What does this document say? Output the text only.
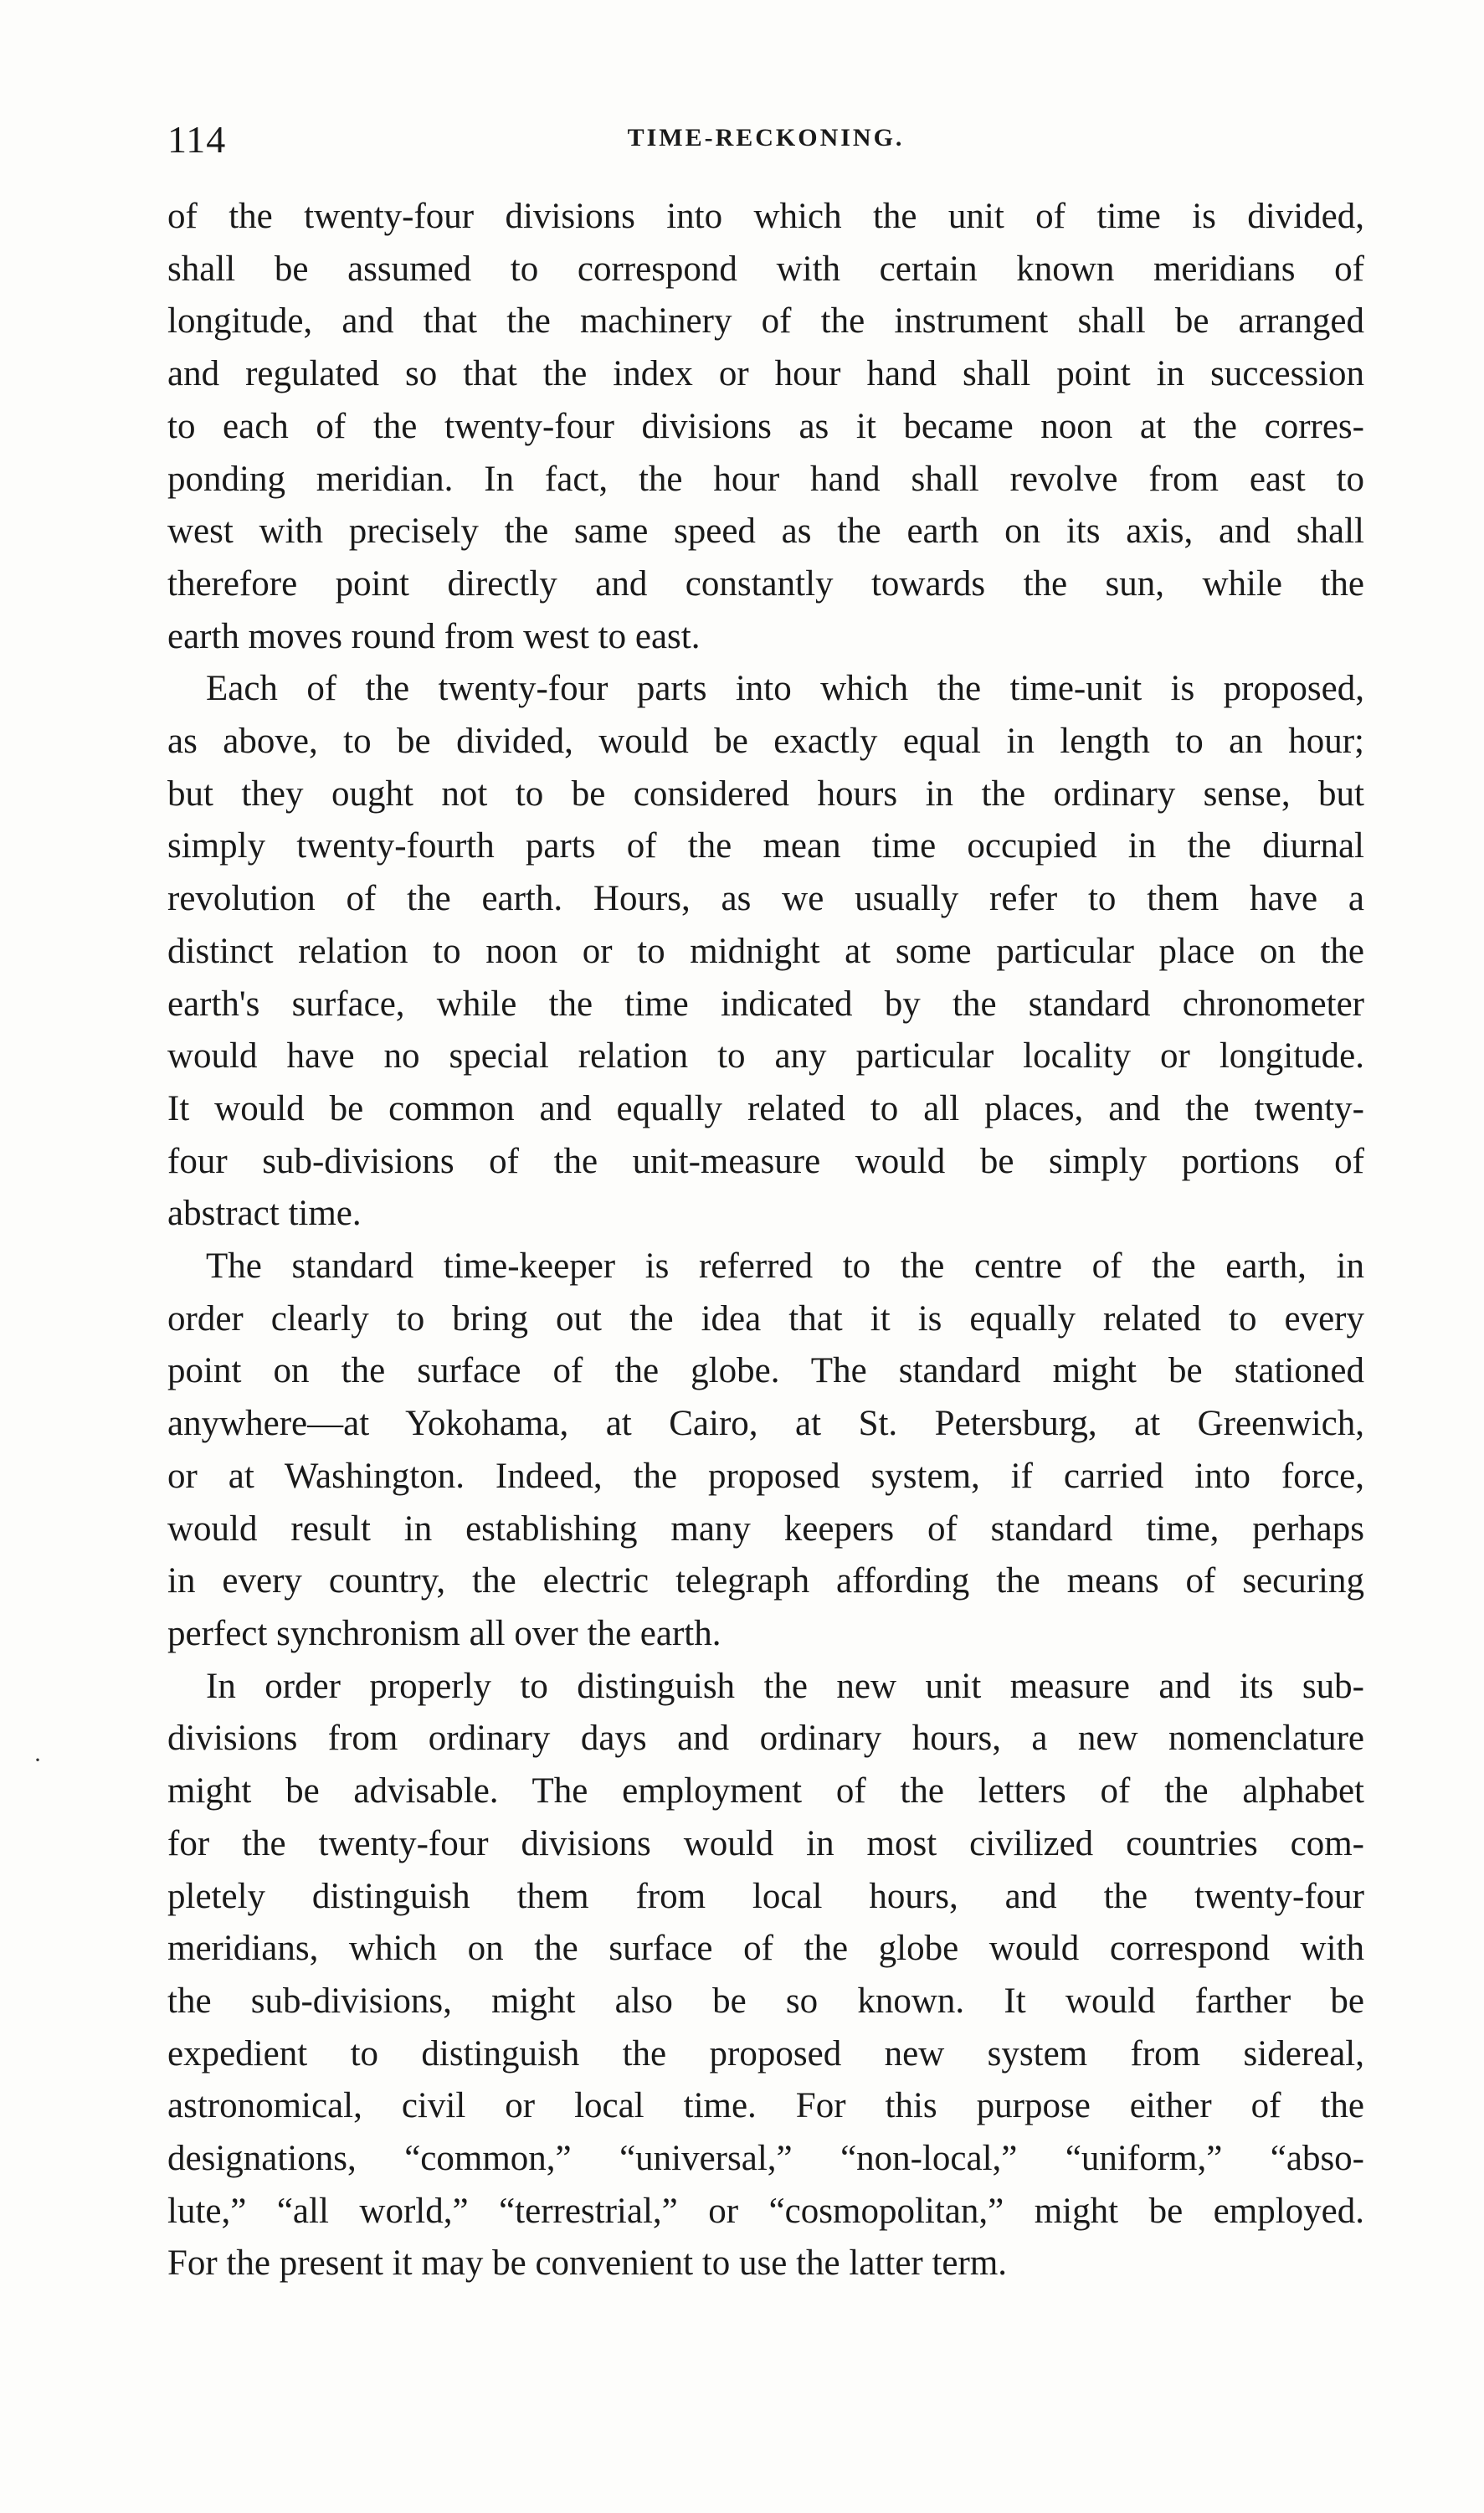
114	TIME-RECKONING.
·

of the twenty-four divisions into which the unit of time is divided,
shall be assumed to correspond with certain known meridians of
longitude, and that the machinery of the instrument shall be arranged
and regulated so that the index or hour hand shall point in succession
to each of the twenty-four divisions as it became noon at the corres-
ponding meridian. In fact, the hour hand shall revolve from east to
west with precisely the same speed as the earth on its axis, and shall
therefore point directly and constantly towards the sun, while the
earth moves round from west to east.

Each of the twenty-four parts into which the time-unit is proposed,
as above, to be divided, would be exactly equal in length to an hour;
but they ought not to be considered hours in the ordinary sense, but
simply twenty-fourth parts of the mean time occupied in the diurnal
revolution of the earth. Hours, as we usually refer to them have a
distinct relation to noon or to midnight at some particular place on the
earth's surface, while the time indicated by the standard chronometer
would have no special relation to any particular locality or longitude.
It would be common and equally related to all places, and the twenty-
four sub-divisions of the unit-measure would be simply portions of
abstract time.

The standard time-keeper is referred to the centre of the earth, in
order clearly to bring out the idea that it is equally related to every
point on the surface of the globe. The standard might be stationed
anywhere—at Yokohama, at Cairo, at St. Petersburg, at Greenwich,
or at Washington. Indeed, the proposed system, if carried into force,
would result in establishing many keepers of standard time, perhaps
in every country, the electric telegraph affording the means of securing
perfect synchronism all over the earth.

In order properly to distinguish the new unit measure and its sub-
divisions from ordinary days and ordinary hours, a new nomenclature
might be advisable. The employment of the letters of the alphabet
for the twenty-four divisions would in most civilized countries com-
pletely distinguish them from local hours, and the twenty-four
meridians, which on the surface of the globe would correspond with
the sub-divisions, might also be so known. It would farther be
expedient to distinguish the proposed new system from sidereal,
astronomical, civil or local time. For this purpose either of the
designations, “common,” “universal,” “non-local,” “uniform,” “abso-
lute,” “all world,” “terrestrial,” or “cosmopolitan,” might be employed.
For the present it may be convenient to use the latter term.
